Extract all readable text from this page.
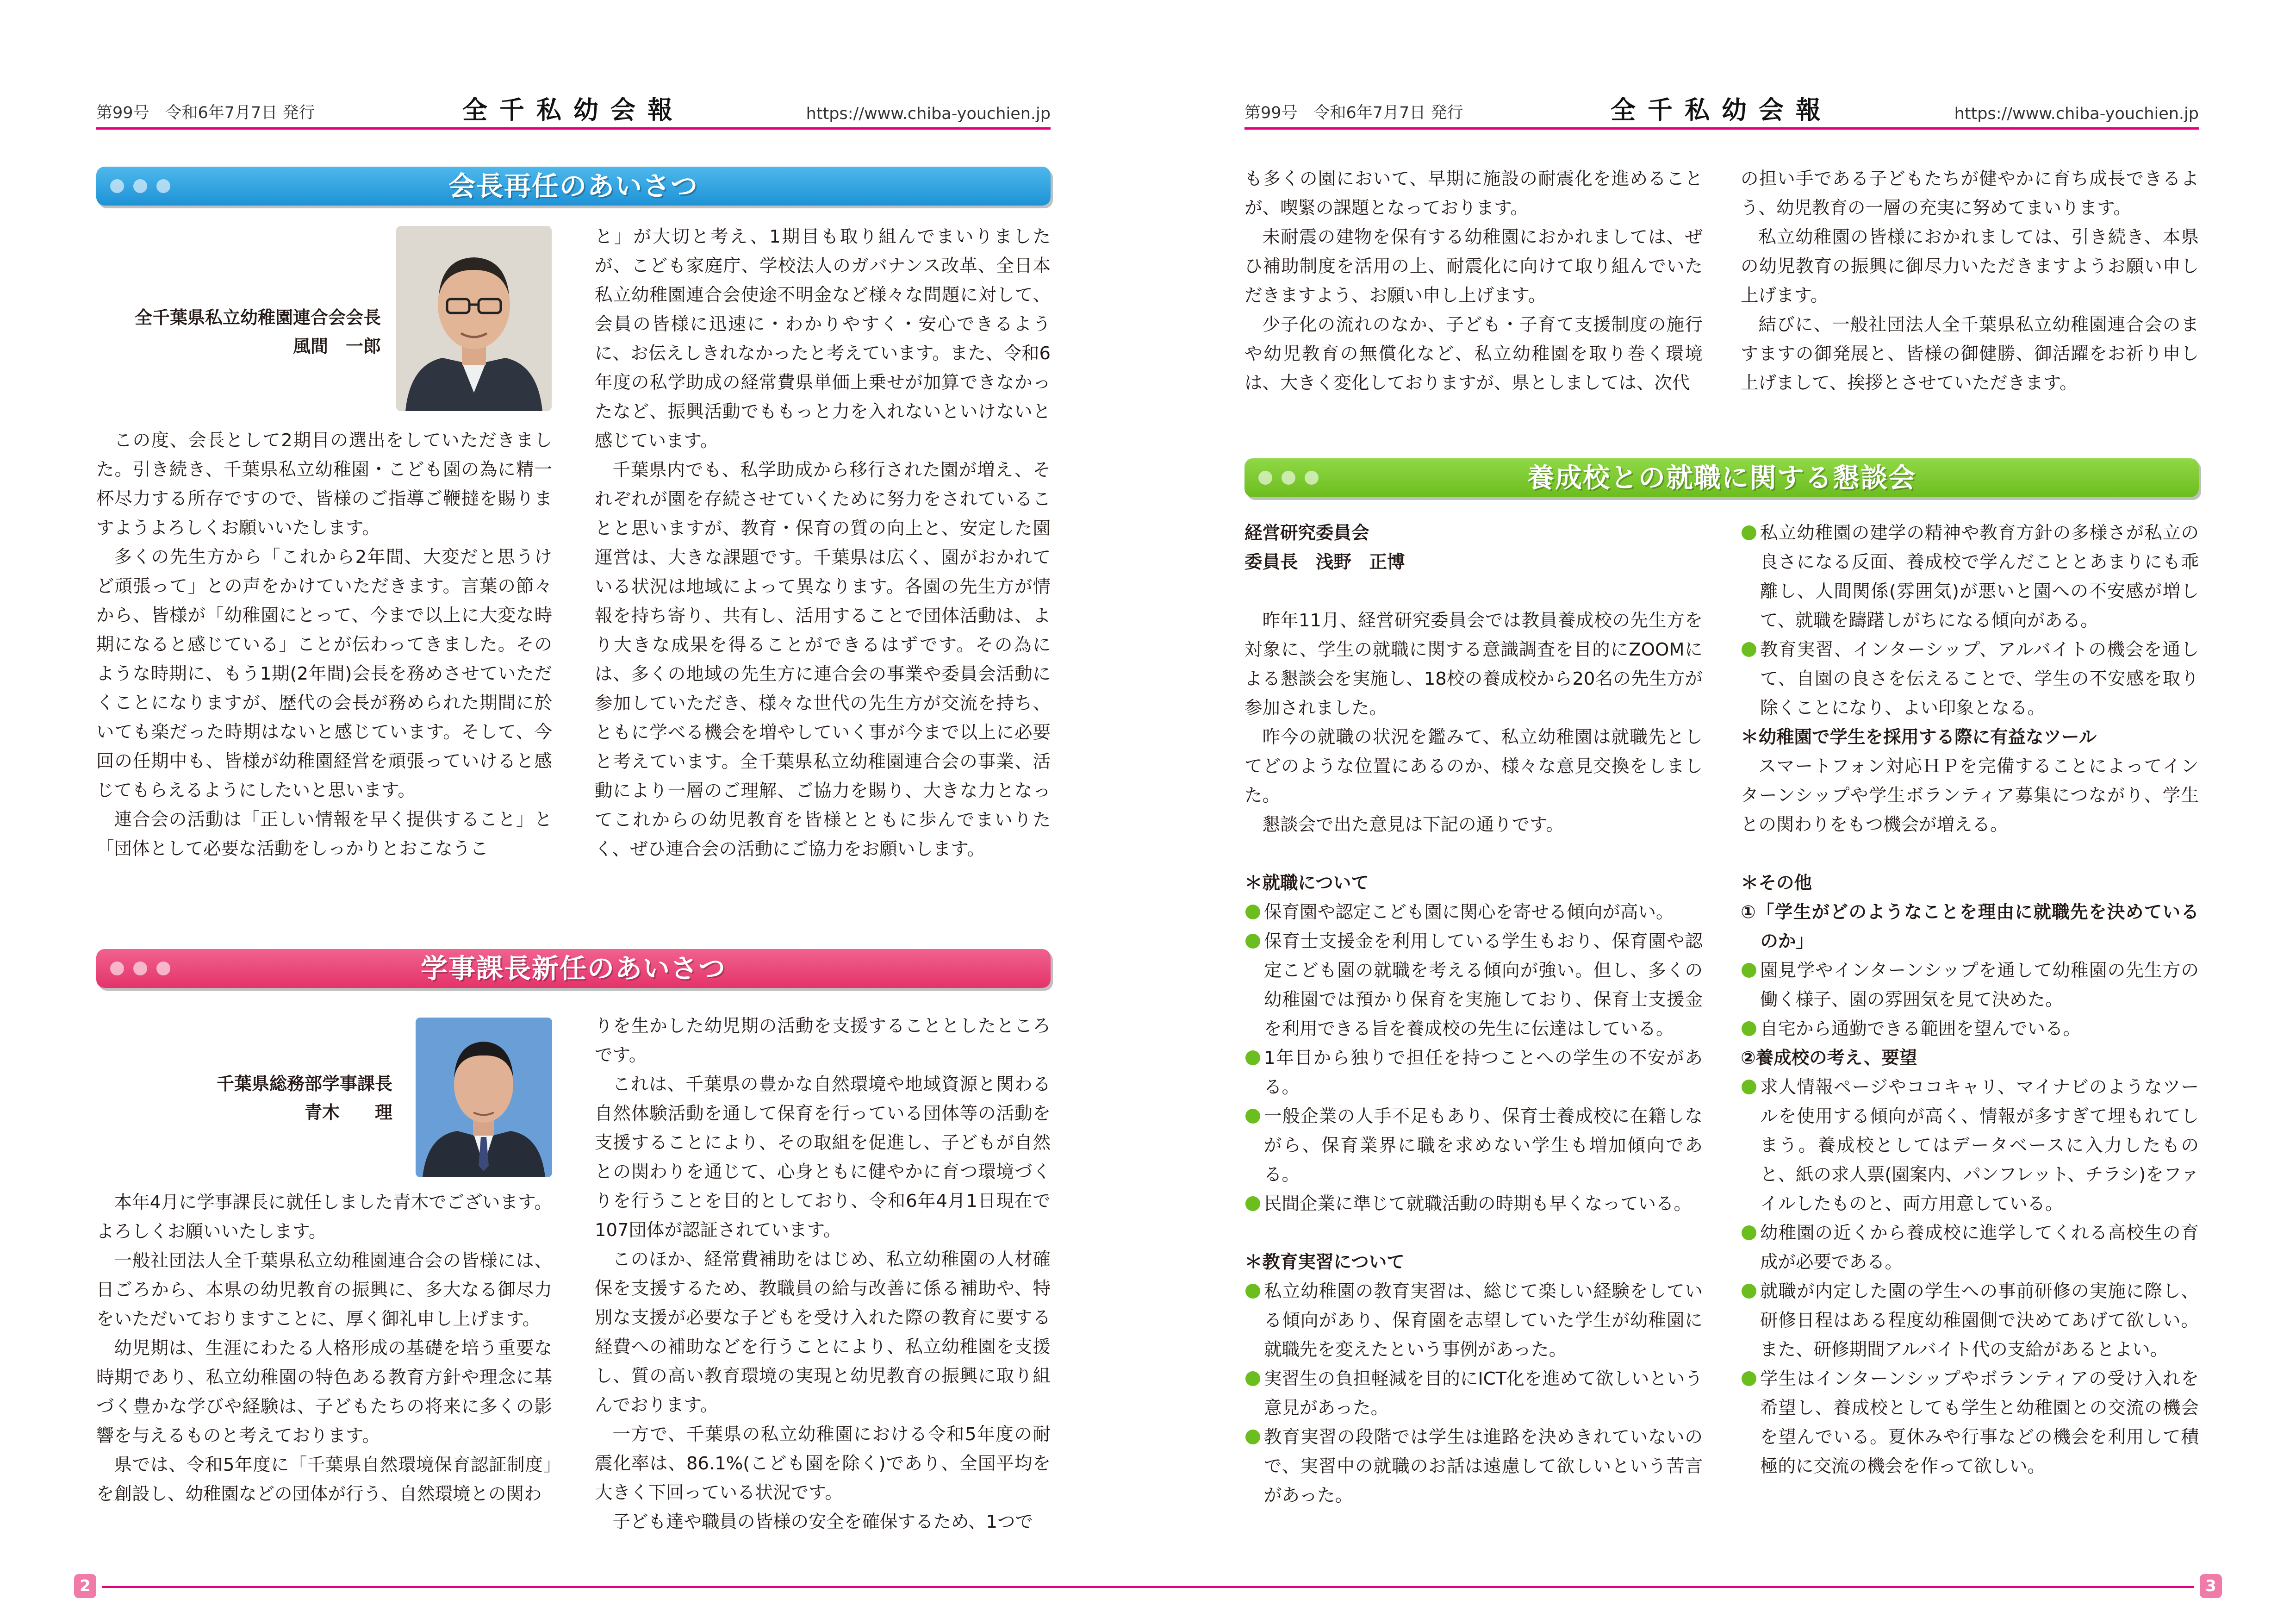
第99号　令和6年7月7日 発行	全千私幼会報	https://www.chiba-youchien.jp
会長再任のあいさつ
全千葉県私立幼稚園連合会会長
風間　一郎

この度、会長として2期目の選出をしていただきました。引き続き、千葉県私立幼稚園・こども園の為に精一杯尽力する所存ですので、皆様のご指導ご鞭撻を賜りますようよろしくお願いいたします。

多くの先生方から「これから2年間、大変だと思うけど頑張って」との声をかけていただきます。言葉の節々から、皆様が「幼稚園にとって、今まで以上に大変な時期になると感じている」ことが伝わってきました。そのような時期に、もう1期(2年間)会長を務めさせていただくことになりますが、歴代の会長が務められた期間に於いても楽だった時期はないと感じています。そして、今回の任期中も、皆様が幼稚園経営を頑張っていけると感じてもらえるようにしたいと思います。

連合会の活動は「正しい情報を早く提供すること」と「団体として必要な活動をしっかりとおこなうこ

と」が大切と考え、1期目も取り組んでまいりましたが、こども家庭庁、学校法人のガバナンス改革、全日本私立幼稚園連合会使途不明金など様々な問題に対して、会員の皆様に迅速に・わかりやすく・安心できるように、お伝えしきれなかったと考えています。また、令和6年度の私学助成の経常費県単価上乗せが加算できなかったなど、振興活動でももっと力を入れないといけないと感じています。

千葉県内でも、私学助成から移行された園が増え、それぞれが園を存続させていくために努力をされていることと思いますが、教育・保育の質の向上と、安定した園運営は、大きな課題です。千葉県は広く、園がおかれている状況は地域によって異なります。各園の先生方が情報を持ち寄り、共有し、活用することで団体活動は、より大きな成果を得ることができるはずです。その為には、多くの地域の先生方に連合会の事業や委員会活動に参加していただき、様々な世代の先生方が交流を持ち、ともに学べる機会を増やしていく事が今まで以上に必要と考えています。全千葉県私立幼稚園連合会の事業、活動により一層のご理解、ご協力を賜り、大きな力となってこれからの幼児教育を皆様とともに歩んでまいりたく、ぜひ連合会の活動にご協力をお願いします。

学事課長新任のあいさつ
千葉県総務部学事課長
青木　　理

本年4月に学事課長に就任しました青木でございます。よろしくお願いいたします。

一般社団法人全千葉県私立幼稚園連合会の皆様には、日ごろから、本県の幼児教育の振興に、多大なる御尽力をいただいておりますことに、厚く御礼申し上げます。

幼児期は、生涯にわたる人格形成の基礎を培う重要な時期であり、私立幼稚園の特色ある教育方針や理念に基づく豊かな学びや経験は、子どもたちの将来に多くの影響を与えるものと考えております。

県では、令和5年度に「千葉県自然環境保育認証制度」を創設し、幼稚園などの団体が行う、自然環境との関わ

りを生かした幼児期の活動を支援することとしたところです。

これは、千葉県の豊かな自然環境や地域資源と関わる自然体験活動を通して保育を行っている団体等の活動を支援することにより、その取組を促進し、子どもが自然との関わりを通じて、心身ともに健やかに育つ環境づくりを行うことを目的としており、令和6年4月1日現在で107団体が認証されています。

このほか、経常費補助をはじめ、私立幼稚園の人材確保を支援するため、教職員の給与改善に係る補助や、特別な支援が必要な子どもを受け入れた際の教育に要する経費への補助などを行うことにより、私立幼稚園を支援し、質の高い教育環境の実現と幼児教育の振興に取り組んでおります。

一方で、千葉県の私立幼稚園における令和5年度の耐震化率は、86.1%(こども園を除く)であり、全国平均を大きく下回っている状況です。

子ども達や職員の皆様の安全を確保するため、1つで

2
第99号　令和6年7月7日 発行	全千私幼会報	https://www.chiba-youchien.jp

も多くの園において、早期に施設の耐震化を進めることが、喫緊の課題となっております。

未耐震の建物を保有する幼稚園におかれましては、ぜひ補助制度を活用の上、耐震化に向けて取り組んでいただきますよう、お願い申し上げます。

少子化の流れのなか、子ども・子育て支援制度の施行や幼児教育の無償化など、私立幼稚園を取り巻く環境は、大きく変化しておりますが、県としましては、次代

の担い手である子どもたちが健やかに育ち成長できるよう、幼児教育の一層の充実に努めてまいります。

私立幼稚園の皆様におかれましては、引き続き、本県の幼児教育の振興に御尽力いただきますようお願い申し上げます。

結びに、一般社団法人全千葉県私立幼稚園連合会のますますの御発展と、皆様の御健勝、御活躍をお祈り申し上げまして、挨拶とさせていただきます。

養成校との就職に関する懇談会
経営研究委員会
委員長　浅野　正博

昨年11月、経営研究委員会では教員養成校の先生方を対象に、学生の就職に関する意識調査を目的にZOOMによる懇談会を実施し、18校の養成校から20名の先生方が参加されました。

昨今の就職の状況を鑑みて、私立幼稚園は就職先としてどのような位置にあるのか、様々な意見交換をしました。

懇談会で出た意見は下記の通りです。

＊就職について
保育園や認定こども園に関心を寄せる傾向が高い。
保育士支援金を利用している学生もおり、保育園や認定こども園の就職を考える傾向が強い。但し、多くの幼稚園では預かり保育を実施しており、保育士支援金を利用できる旨を養成校の先生に伝達はしている。
1年目から独りで担任を持つことへの学生の不安がある。
一般企業の人手不足もあり、保育士養成校に在籍しながら、保育業界に職を求めない学生も増加傾向である。
民間企業に準じて就職活動の時期も早くなっている。
＊教育実習について
私立幼稚園の教育実習は、総じて楽しい経験をしている傾向があり、保育園を志望していた学生が幼稚園に就職先を変えたという事例があった。
実習生の負担軽減を目的にICT化を進めて欲しいという意見があった。
教育実習の段階では学生は進路を決めきれていないので、実習中の就職のお話は遠慮して欲しいという苦言があった。
私立幼稚園の建学の精神や教育方針の多様さが私立の良さになる反面、養成校で学んだこととあまりにも乖離し、人間関係(雰囲気)が悪いと園への不安感が増して、就職を躊躇しがちになる傾向がある。
教育実習、インターシップ、アルバイトの機会を通して、自園の良さを伝えることで、学生の不安感を取り除くことになり、よい印象となる。
＊幼稚園で学生を採用する際に有益なツール

スマートフォン対応ＨＰを完備することによってインターンシップや学生ボランティア募集につながり、学生との関わりをもつ機会が増える。

＊その他
①「学生がどのようなことを理由に就職先を決めているのか」
園見学やインターンシップを通して幼稚園の先生方の働く様子、園の雰囲気を見て決めた。
自宅から通勤できる範囲を望んでいる。
②養成校の考え、要望
求人情報ページやココキャリ、マイナビのようなツールを使用する傾向が高く、情報が多すぎて埋もれてしまう。養成校としてはデータベースに入力したものと、紙の求人票(園案内、パンフレット、チラシ)をファイルしたものと、両方用意している。
幼稚園の近くから養成校に進学してくれる高校生の育成が必要である。
就職が内定した園の学生への事前研修の実施に際し、研修日程はある程度幼稚園側で決めてあげて欲しい。また、研修期間アルバイト代の支給があるとよい。
学生はインターンシップやボランティアの受け入れを希望し、養成校としても学生と幼稚園との交流の機会を望んでいる。夏休みや行事などの機会を利用して積極的に交流の機会を作って欲しい。
3
